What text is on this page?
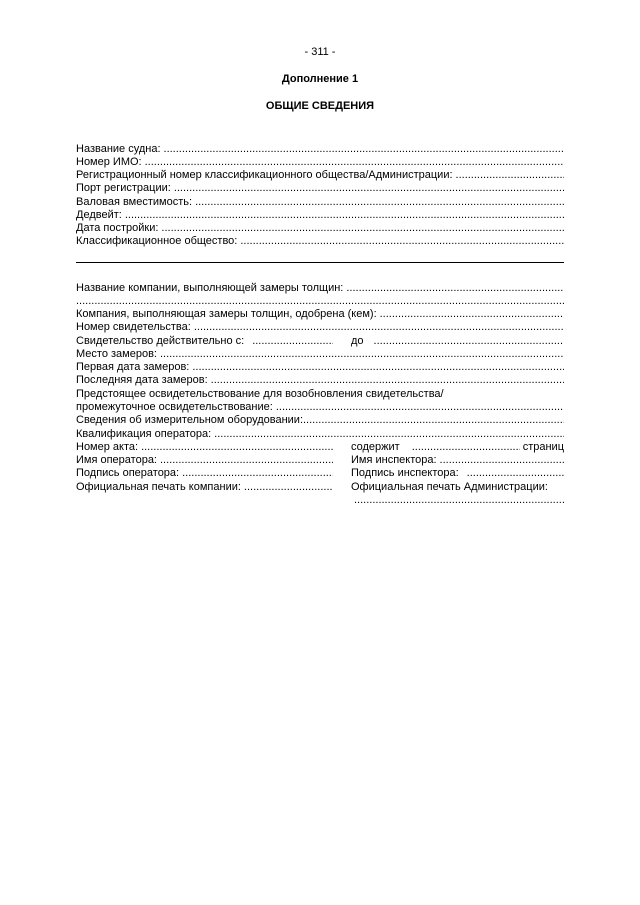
- 311 -
Дополнение 1
ОБЩИЕ СВЕДЕНИЯ
Название судна:
.....
Номер ИМО:
.....
Регистрационный номер классификационного общества/Администрации:
.....
Порт регистрации:
.....
Валовая вместимость:
.....
Дедвейт:
.....
Дата постройки:
.....
Классификационное общество:
.....
Название компании, выполняющей замеры толщин:
.....
.....
Компания, выполняющая замеры толщин, одобрена (кем):
.....
Номер свидетельства:
.....
Свидетельство действительно с: .....	до
.....
Место замеров:
.....
Первая дата замеров:
.....
Последняя дата замеров:
.....
Предстоящее освидетельствование для возобновления свидетельства/
промежуточное освидетельствование:
.....
Сведения об измерительном оборудовании:
.....
Квалификация оператора:
.....
Номер акта: .....	содержит .....	страниц
Имя оператора: .....	Имя инспектора:
.....
Подпись оператора: .....	Подпись инспектора:
.....
Официальная печать компании: .....	Официальная печать Администрации:
.....
